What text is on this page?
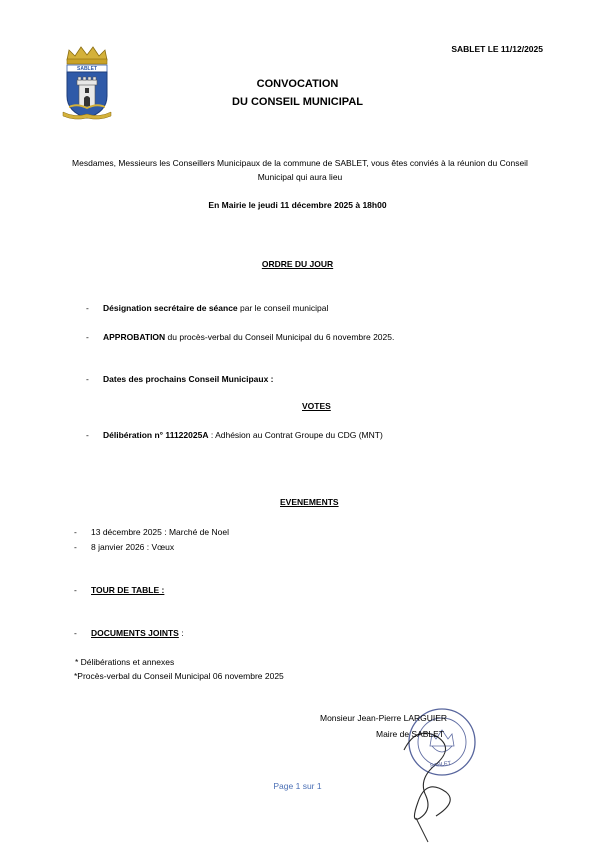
SABLET LE 11/12/2025
SABLET
CONVOCATION
DU CONSEIL MUNICIPAL
Mesdames, Messieurs les Conseillers Municipaux de la commune de SABLET, vous êtes conviés à la réunion du Conseil Municipal qui aura lieu
En Mairie le jeudi 11 décembre 2025 à 18h00
ORDRE DU JOUR
- Désignation secrétaire de séance par le conseil municipal
- APPROBATION du procès-verbal du Conseil Municipal du 6 novembre 2025.
- Dates des prochains Conseil Municipaux :
VOTES
- Délibération n° 11122025A : Adhésion au Contrat Groupe du CDG (MNT)
EVENEMENTS
- 13 décembre 2025 : Marché de Noel
- 8 janvier 2026 : Vœux
- TOUR DE TABLE :
- DOCUMENTS JOINTS :
* Délibérations et annexes
*Procès-verbal du Conseil Municipal 06 novembre 2025
SABLET
Monsieur Jean-Pierre LARGUIER
Maire de SABLET
Page 1 sur 1
